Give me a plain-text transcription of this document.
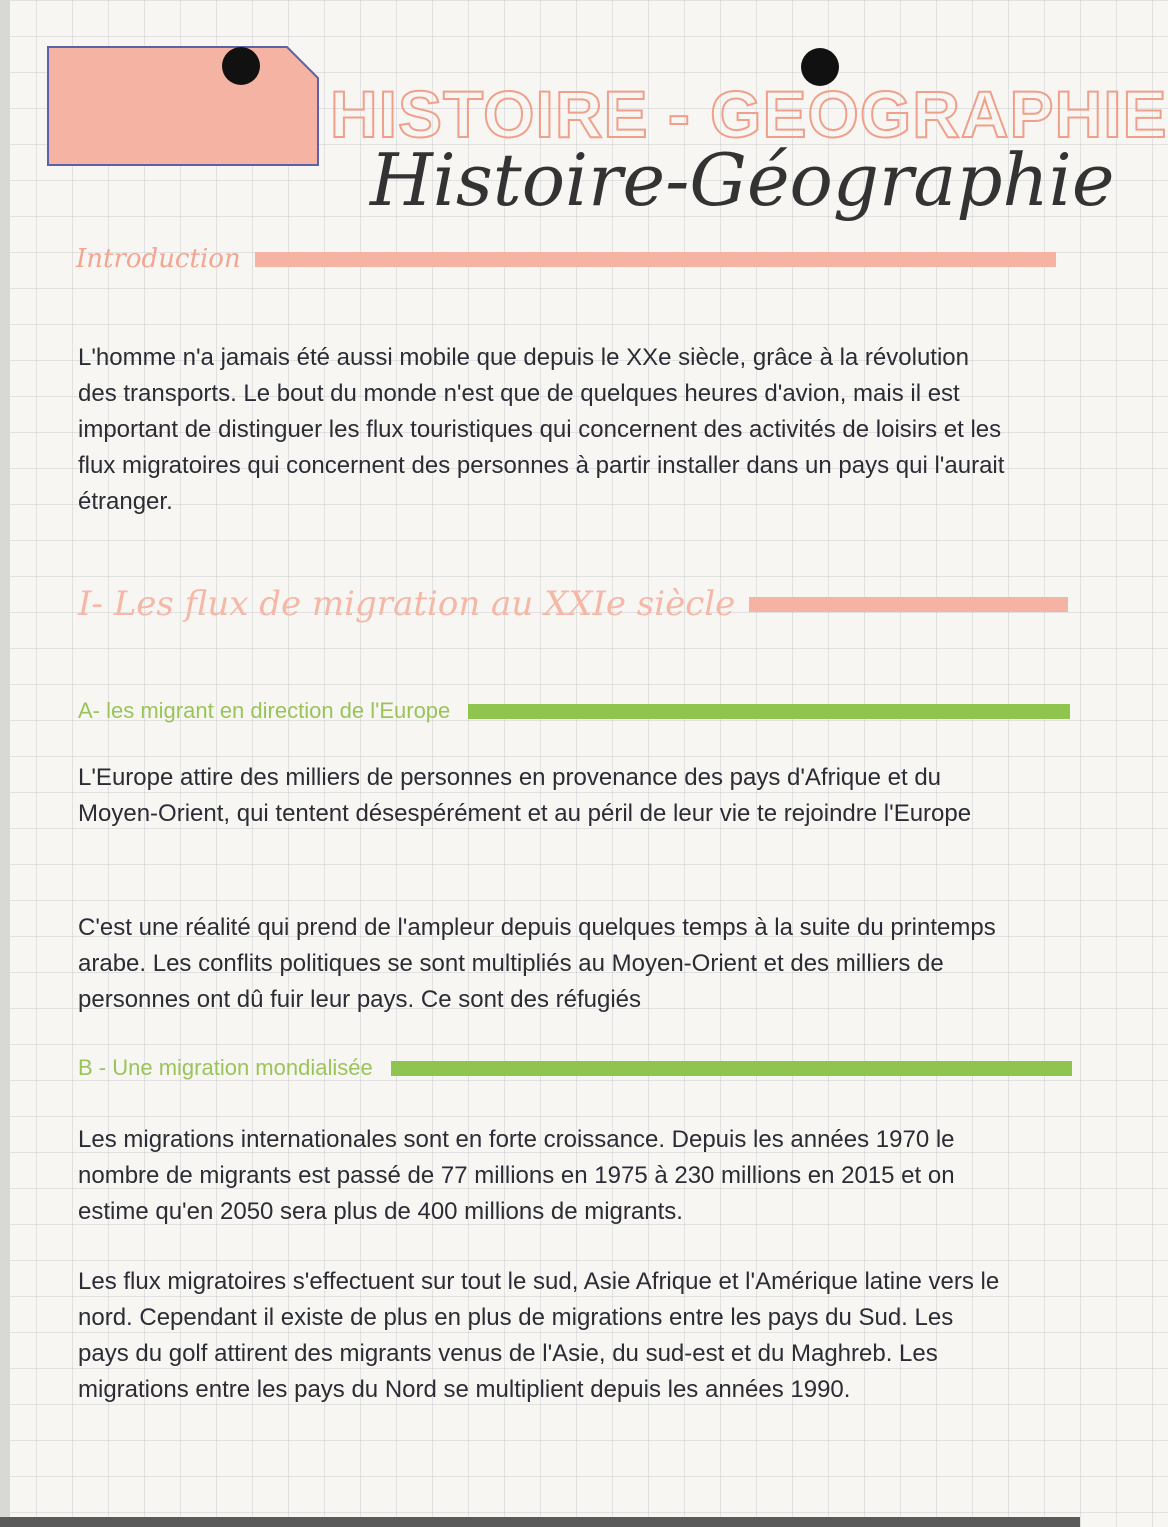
HISTOIRE - GEOGRAPHIE
Histoire-Géographie
Introduction

L'homme n'a jamais été aussi mobile que depuis le XXe siècle, grâce à la révolution des transports. Le bout du monde n'est que de quelques heures d'avion, mais il est important de distinguer les flux touristiques qui concernent des activités de loisirs et les flux migratoires qui concernent des personnes à partir installer dans un pays qui l'aurait étranger.

I- Les flux de migration au XXIe siècle
A- les migrant en direction de l'Europe

L'Europe attire des milliers de personnes en provenance des pays d'Afrique et du Moyen-Orient, qui tentent désespérément et au péril de leur vie te rejoindre l'Europe

C'est une réalité qui prend de l'ampleur depuis quelques temps à la suite du printemps arabe. Les conflits politiques se sont multipliés au Moyen-Orient et des milliers de personnes ont dû fuir leur pays. Ce sont des réfugiés

B - Une migration mondialisée

Les migrations internationales sont en forte croissance. Depuis les années 1970 le nombre de migrants est passé de 77 millions en 1975 à 230 millions en 2015 et on estime qu'en 2050 sera plus de 400 millions de migrants.

Les flux migratoires s'effectuent sur tout le sud, Asie Afrique et l'Amérique latine vers le nord. Cependant il existe de plus en plus de migrations entre les pays du Sud. Les pays du golf attirent des migrants venus de l'Asie, du sud-est et du Maghreb. Les migrations entre les pays du Nord se multiplient depuis les années 1990.
